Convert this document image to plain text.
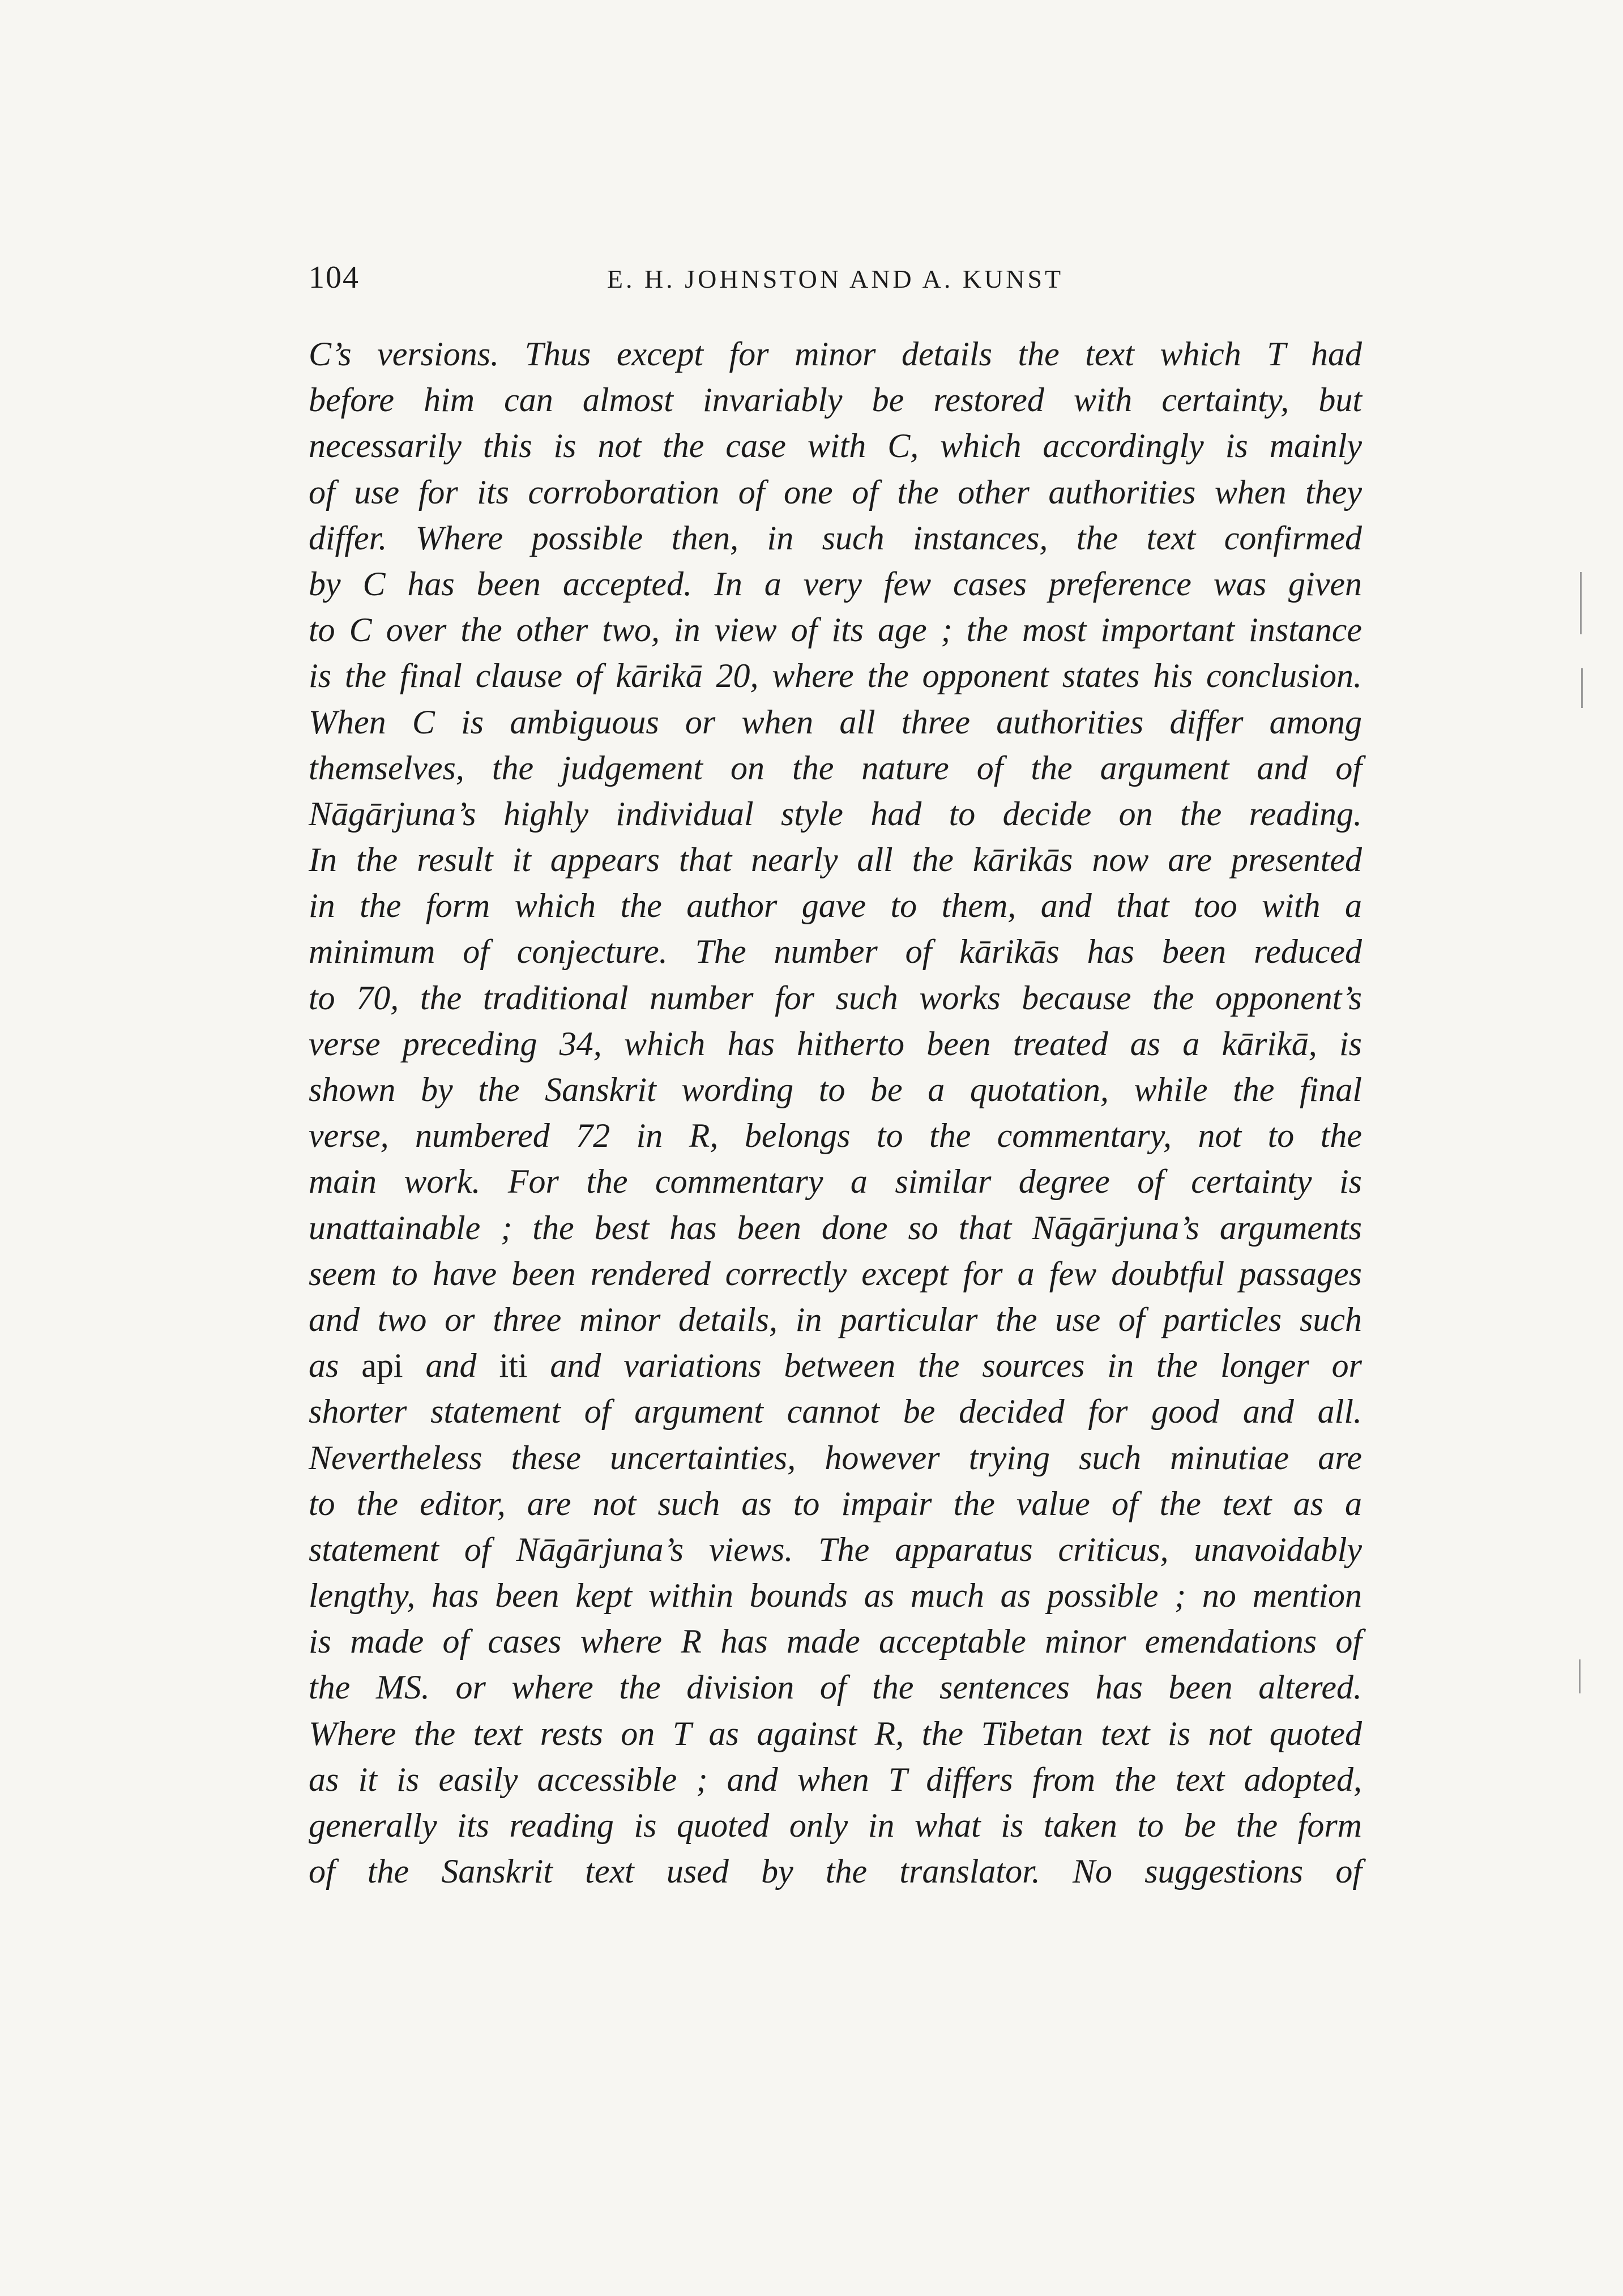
104	E. H. JOHNSTON AND A. KUNST
C’s versions. Thus except for minor details the text which T had
before him can almost invariably be restored with certainty, but
necessarily this is not the case with C, which accordingly is mainly
of use for its corroboration of one of the other authorities when they
differ. Where possible then, in such instances, the text confirmed
by C has been accepted. In a very few cases preference was given
to C over the other two, in view of its age ; the most important instance
is the final clause of kārikā 20, where the opponent states his conclusion.
When C is ambiguous or when all three authorities differ among
themselves, the judgement on the nature of the argument and of
Nāgārjuna’s highly individual style had to decide on the reading.
In the result it appears that nearly all the kārikās now are presented
in the form which the author gave to them, and that too with a
minimum of conjecture. The number of kārikās has been reduced
to 70, the traditional number for such works because the opponent’s
verse preceding 34, which has hitherto been treated as a kārikā, is
shown by the Sanskrit wording to be a quotation, while the final
verse, numbered 72 in R, belongs to the commentary, not to the
main work. For the commentary a similar degree of certainty is
unattainable ; the best has been done so that Nāgārjuna’s arguments
seem to have been rendered correctly except for a few doubtful passages
and two or three minor details, in particular the use of particles such
as api and iti and variations between the sources in the longer or
shorter statement of argument cannot be decided for good and all.
Nevertheless these uncertainties, however trying such minutiae are
to the editor, are not such as to impair the value of the text as a
statement of Nāgārjuna’s views. The apparatus criticus, unavoidably
lengthy, has been kept within bounds as much as possible ; no mention
is made of cases where R has made acceptable minor emendations of
the MS. or where the division of the sentences has been altered.
Where the text rests on T as against R, the Tibetan text is not quoted
as it is easily accessible ; and when T differs from the text adopted,
generally its reading is quoted only in what is taken to be the form
of the Sanskrit text used by the translator. No suggestions of
